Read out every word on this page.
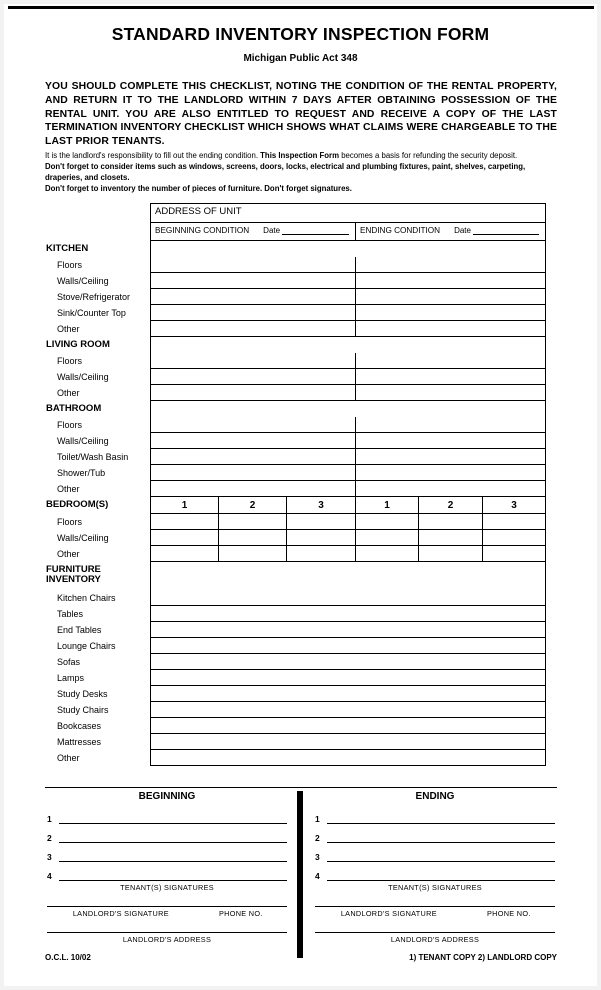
STANDARD INVENTORY INSPECTION FORM
Michigan Public Act 348

YOU SHOULD COMPLETE THIS CHECKLIST, NOTING THE CONDITION OF THE RENTAL PROPERTY, AND RETURN IT TO THE LANDLORD WITHIN 7 DAYS AFTER OBTAINING POSSESSION OF THE RENTAL UNIT. YOU ARE ALSO ENTITLED TO REQUEST AND RECEIVE A COPY OF THE LAST TERMINATION INVENTORY CHECKLIST WHICH SHOWS WHAT CLAIMS WERE CHARGEABLE TO THE LAST PRIOR TENANTS.

It is the landlord's responsibility to fill out the ending condition. This Inspection Form becomes a basis for refunding the security deposit.

Don't forget to consider items such as windows, screens, doors, locks, electrical and plumbing fixtures, paint, shelves, carpeting, draperies, and closets.

Don't forget to inventory the number of pieces of furniture. Don't forget signatures.

ADDRESS OF UNIT
BEGINNING CONDITION Date	ENDING CONDITION Date
KITCHEN
Floors
Walls/Ceiling
Stove/Refrigerator
Sink/Counter Top
Other
LIVING ROOM
Floors
Walls/Ceiling
Other
BATHROOM
Floors
Walls/Ceiling
Toilet/Wash Basin
Shower/Tub
Other
BEDROOM(S)	1	2	3	1	2	3
Floors
Walls/Ceiling
Other
FURNITURE INVENTORY
Kitchen Chairs
Tables
End Tables
Lounge Chairs
Sofas
Lamps
Study Desks
Study Chairs
Bookcases
Mattresses
Other
BEGINNING
1
2
3
4
TENANT(S) SIGNATURES
LANDLORD'S SIGNATURE	PHONE NO.
LANDLORD'S ADDRESS
ENDING
1
2
3
4
TENANT(S) SIGNATURES
LANDLORD'S SIGNATURE	PHONE NO.
LANDLORD'S ADDRESS
O.C.L. 10/02	1) TENANT COPY 2) LANDLORD COPY
